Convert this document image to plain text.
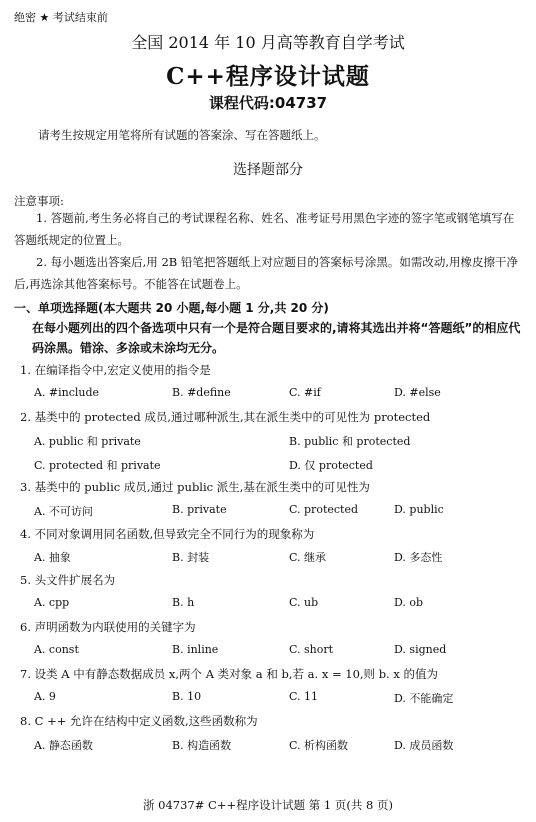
绝密 ★ 考试结束前
全国 2014 年 10 月高等教育自学考试
C++程序设计试题
课程代码:04737
请考生按规定用笔将所有试题的答案涂、写在答题纸上。
选择题部分
注意事项:
1. 答题前,考生务必将自己的考试课程名称、姓名、准考证号用黑色字迹的签字笔或钢笔填写在答题纸规定的位置上。
2. 每小题选出答案后,用 2B 铅笔把答题纸上对应题目的答案标号涂黑。如需改动,用橡皮擦干净后,再选涂其他答案标号。不能答在试题卷上。
一、单项选择题(本大题共 20 小题,每小题 1 分,共 20 分)
在每小题列出的四个备选项中只有一个是符合题目要求的,请将其选出并将“答题纸”的相应代码涂黑。错涂、多涂或未涂均无分。
1. 在编译指令中,宏定义使用的指令是
A. #include	B. #define	C. #if	D. #else
2. 基类中的 protected 成员,通过哪种派生,其在派生类中的可见性为 protected
A. public 和 private	B. public 和 protected
C. protected 和 private	D. 仅 protected
3. 基类中的 public 成员,通过 public 派生,基在派生类中的可见性为
A. 不可访问	B. private	C. protected	D. public
4. 不同对象调用同名函数,但导致完全不同行为的现象称为
A. 抽象	B. 封装	C. 继承	D. 多态性
5. 头文件扩展名为
A. cpp	B. h	C. ub	D. ob
6. 声明函数为内联使用的关键字为
A. const	B. inline	C. short	D. signed
7. 设类 A 中有静态数据成员 x,两个 A 类对象 a 和 b,若 a. x = 10,则 b. x 的值为
A. 9	B. 10	C. 11	D. 不能确定
8. C ++ 允许在结构中定义函数,这些函数称为
A. 静态函数	B. 构造函数	C. 析构函数	D. 成员函数
浙 04737# C++程序设计试题 第 1 页(共 8 页)
